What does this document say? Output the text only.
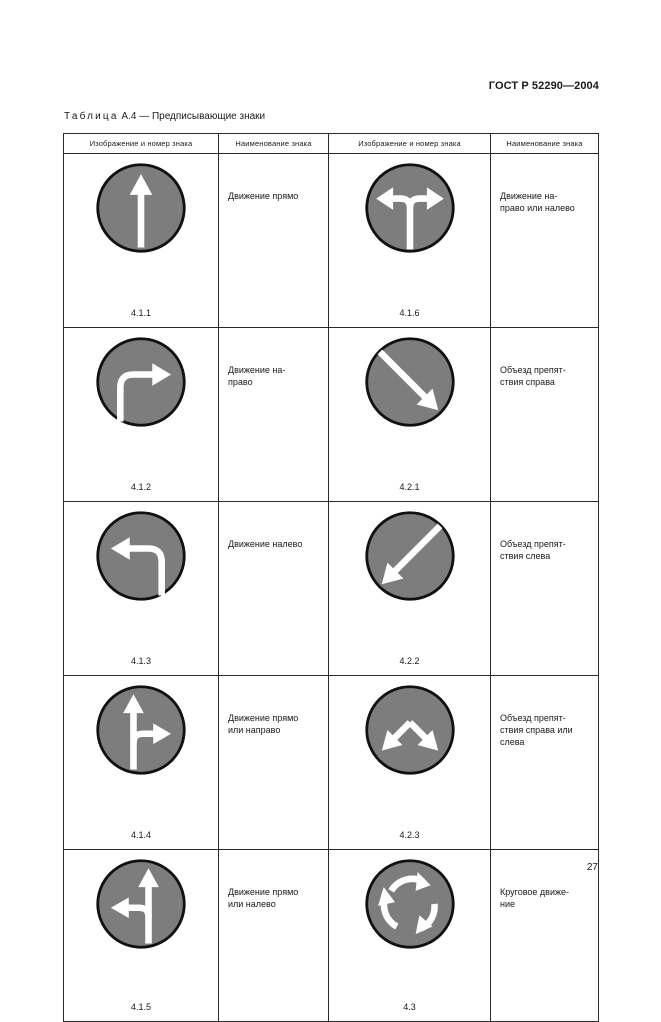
ГОСТ Р 52290—2004
Таблица А.4 — Предписывающие знаки
Изображение и номер знака	Наименование знака	Изображение и номер знака	Наименование знака

4.1.1	Движение прямо	4.1.6	Движение на-
право или налево

4.1.2	Движение на-
право	4.2.1	Объезд препят-
ствия справа

4.1.3	Движение налево	4.2.2	Объезд препят-
ствия слева

4.1.4	Движение прямо
или направо	4.2.3	Объезд препят-
ствия справа или
слева

4.1.5	Движение прямо
или налево	4.3	Круговое движе-
ние
27
